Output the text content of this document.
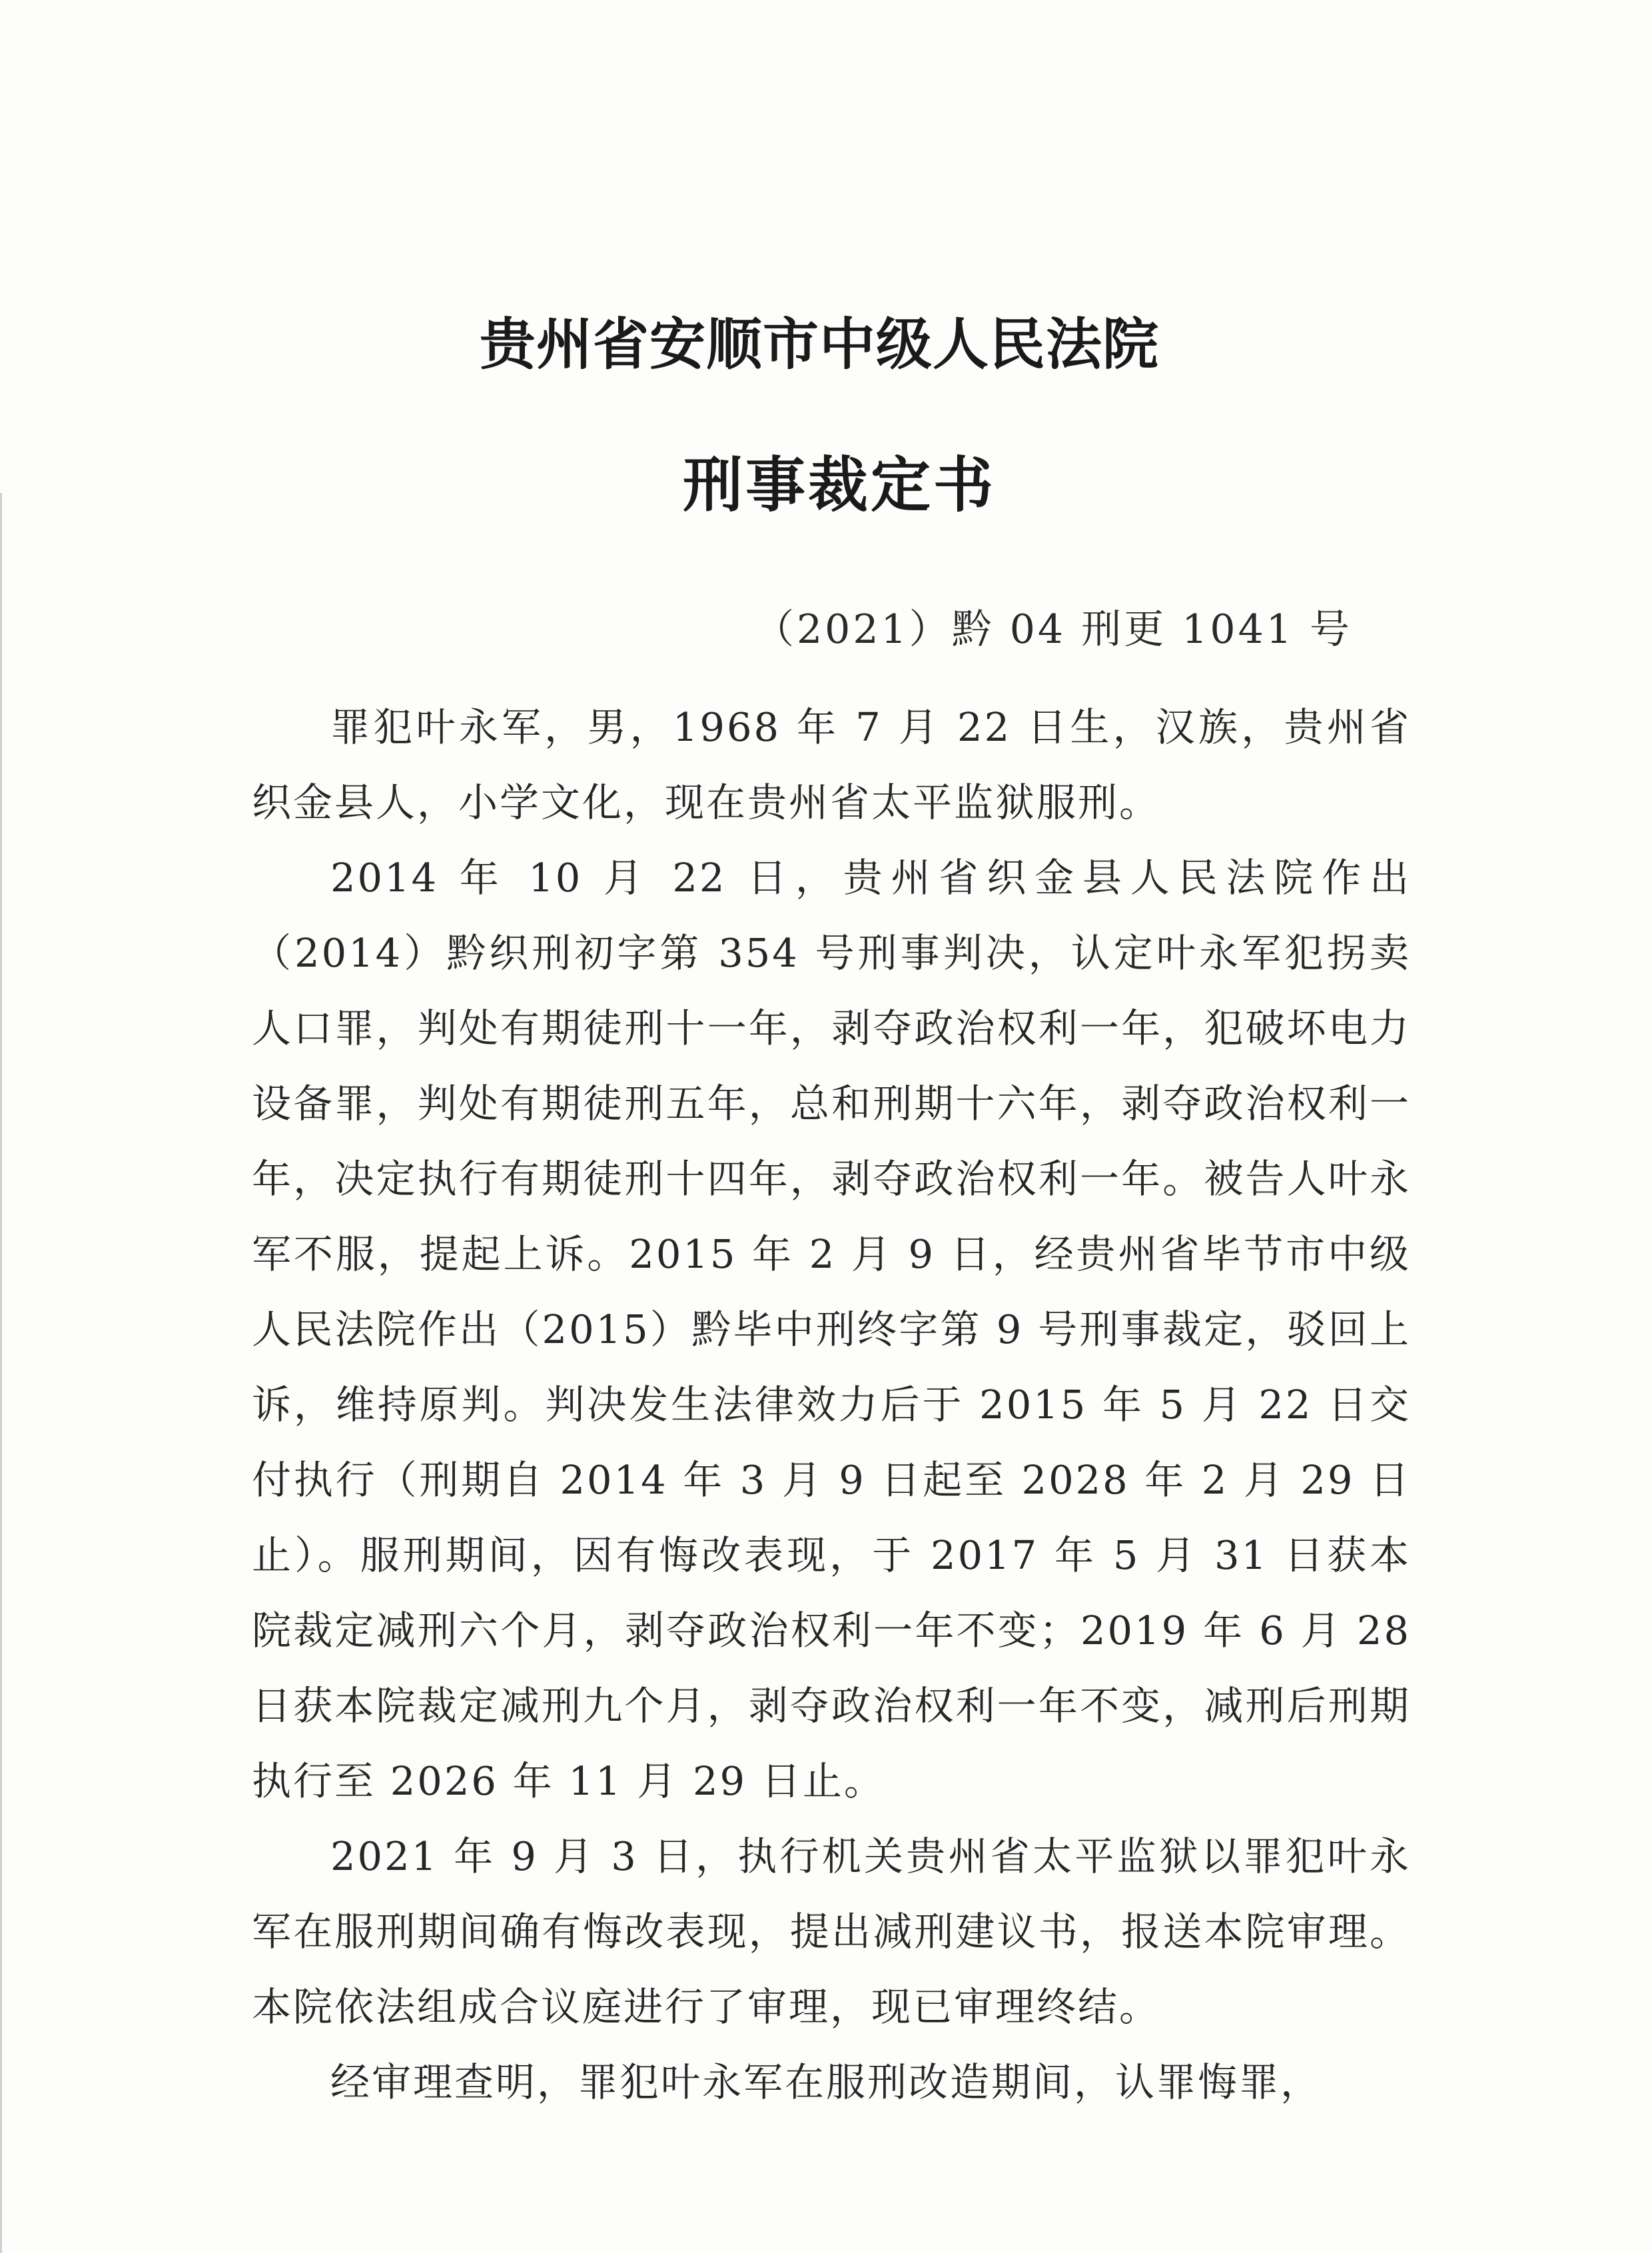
贵州省安顺市中级人民法院
刑事裁定书
（2021）黔 04 刑更 1041 号

罪犯叶永军，男，1968 年 7 月 22 日生，汉族，贵州省织金县人，小学文化，现在贵州省太平监狱服刑。

2014 年 10 月 22 日，贵州省织金县人民法院作出（2014）黔织刑初字第 354 号刑事判决，认定叶永军犯拐卖人口罪，判处有期徒刑十一年，剥夺政治权利一年，犯破坏电力设备罪，判处有期徒刑五年，总和刑期十六年，剥夺政治权利一年，决定执行有期徒刑十四年，剥夺政治权利一年。被告人叶永军不服，提起上诉。2015 年 2 月 9 日，经贵州省毕节市中级人民法院作出（2015）黔毕中刑终字第 9 号刑事裁定，驳回上诉，维持原判。判决发生法律效力后于 2015 年 5 月 22 日交付执行（刑期自 2014 年 3 月 9 日起至 2028 年 2 月 29 日止）。服刑期间，因有悔改表现，于 2017 年 5 月 31 日获本院裁定减刑六个月，剥夺政治权利一年不变；2019 年 6 月 28 日获本院裁定减刑九个月，剥夺政治权利一年不变，减刑后刑期执行至 2026 年 11 月 29 日止。

2021 年 9 月 3 日，执行机关贵州省太平监狱以罪犯叶永军在服刑期间确有悔改表现，提出减刑建议书，报送本院审理。本院依法组成合议庭进行了审理，现已审理终结。

经审理查明，罪犯叶永军在服刑改造期间，认罪悔罪，
